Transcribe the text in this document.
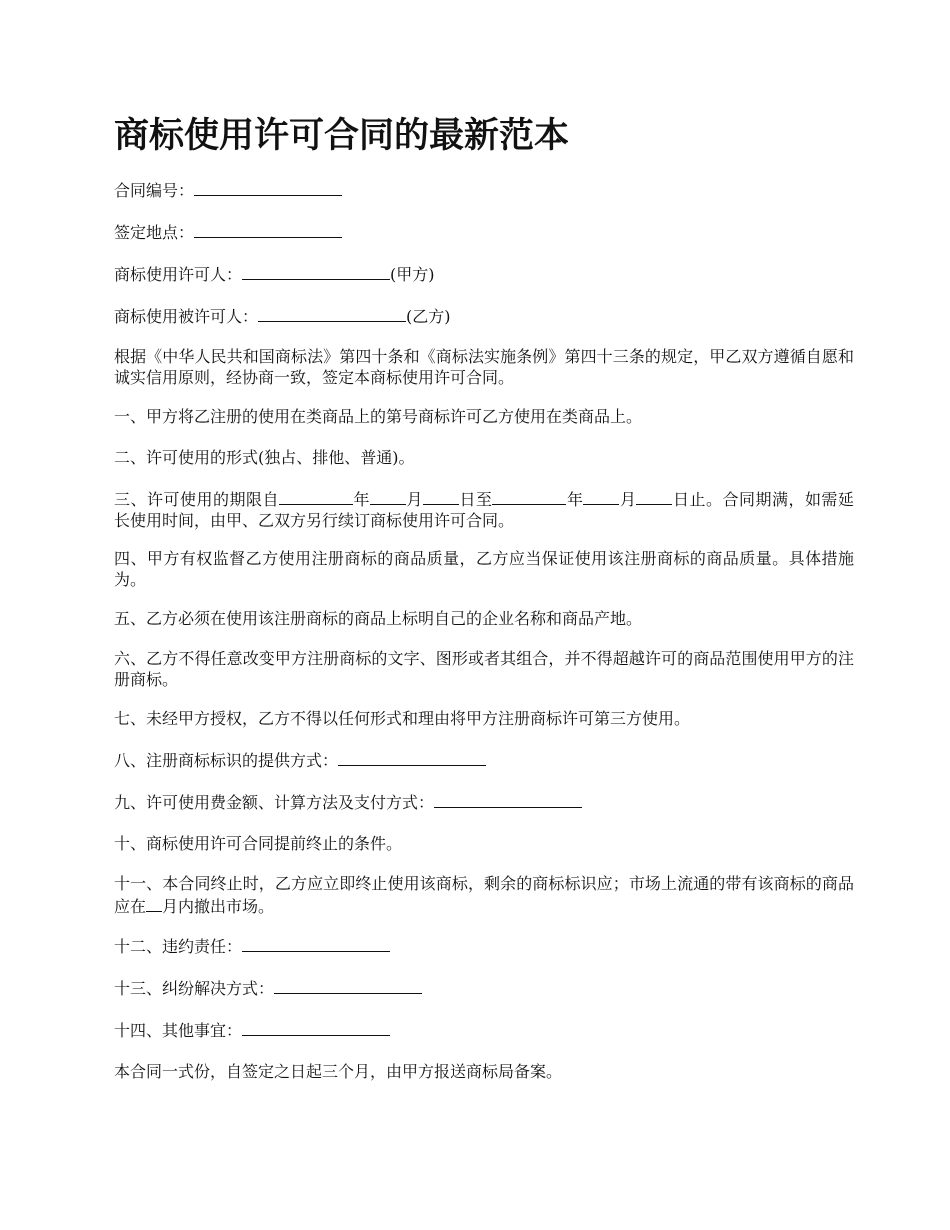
商标使用许可合同的最新范本

合同编号：

签定地点：

商标使用许可人：	(甲方)

商标使用被许可人：	(乙方)

根据《中华人民共和国商标法》第四十条和《商标法实施条例》第四十三条的规定，甲乙双方遵循自愿和诚实信用原则，经协商一致，签定本商标使用许可合同。

一、甲方将乙注册的使用在类商品上的第号商标许可乙方使用在类商品上。

二、许可使用的形式(独占、排他、普通)。

三、许可使用的期限自	年 月 日至	年 月 日止。合同期满，如需延长使用时间，由甲、乙双方另行续订商标使用许可合同。

四、甲方有权监督乙方使用注册商标的商品质量，乙方应当保证使用该注册商标的商品质量。具体措施为。

五、乙方必须在使用该注册商标的商品上标明自己的企业名称和商品产地。

六、乙方不得任意改变甲方注册商标的文字、图形或者其组合，并不得超越许可的商品范围使用甲方的注册商标。

七、未经甲方授权，乙方不得以任何形式和理由将甲方注册商标许可第三方使用。

八、注册商标标识的提供方式：

九、许可使用费金额、计算方法及支付方式：

十、商标使用许可合同提前终止的条件。

十一、本合同终止时，乙方应立即终止使用该商标，剩余的商标标识应；市场上流通的带有该商标的商品应在 月内撤出市场。

十二、违约责任：

十三、纠纷解决方式：

十四、其他事宜：

本合同一式份，自签定之日起三个月，由甲方报送商标局备案。
